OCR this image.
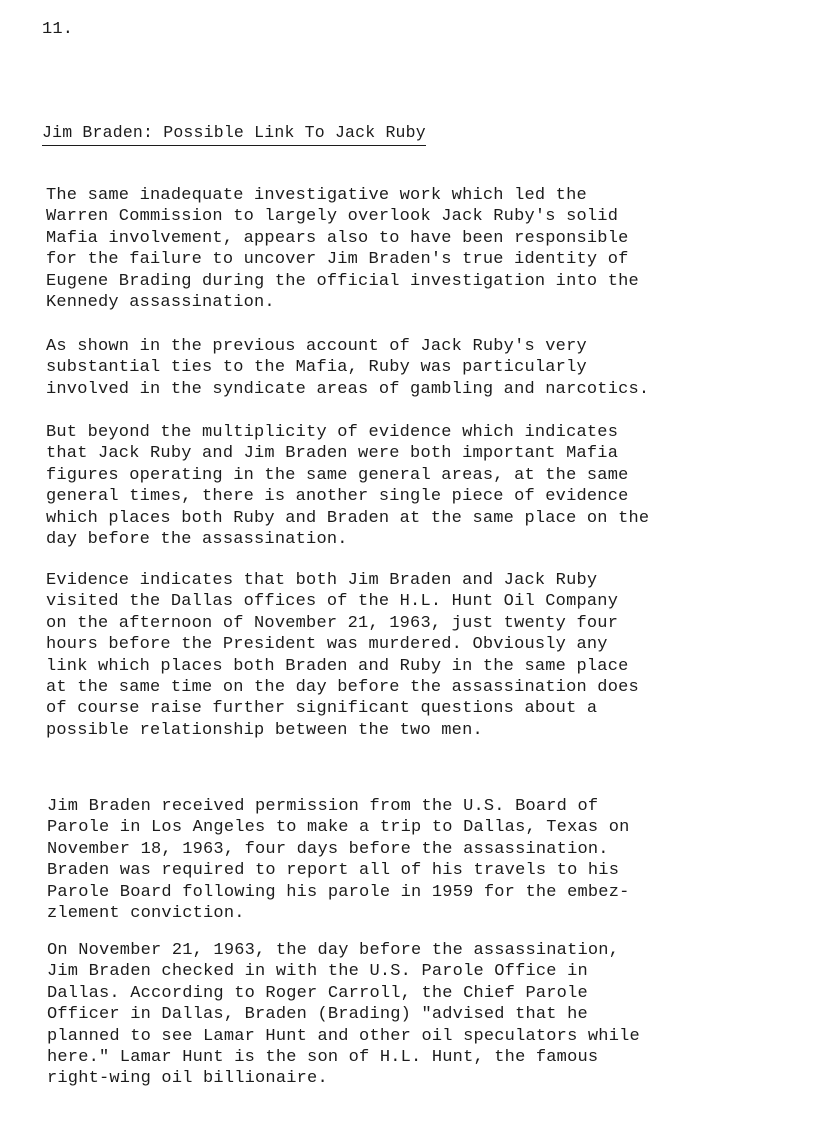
11.

Jim Braden: Possible Link To Jack Ruby
The same inadequate investigative work which led the
Warren Commission to largely overlook Jack Ruby's solid
Mafia involvement, appears also to have been responsible
for the failure to uncover Jim Braden's true identity of
Eugene Brading during the official investigation into the
Kennedy assassination.
As shown in the previous account of Jack Ruby's very
substantial ties to the Mafia, Ruby was particularly
involved in the syndicate areas of gambling and narcotics.
But beyond the multiplicity of evidence which indicates
that Jack Ruby and Jim Braden were both important Mafia
figures operating in the same general areas, at the same
general times, there is another single piece of evidence
which places both Ruby and Braden at the same place on the
day before the assassination.
Evidence indicates that both Jim Braden and Jack Ruby
visited the Dallas offices of the H.L. Hunt Oil Company
on the afternoon of November 21, 1963, just twenty four
hours before the President was murdered. Obviously any
link which places both Braden and Ruby in the same place
at the same time on the day before the assassination does
of course raise further significant questions about a
possible relationship between the two men.
Jim Braden received permission from the U.S. Board of
Parole in Los Angeles to make a trip to Dallas, Texas on
November 18, 1963, four days before the assassination.
Braden was required to report all of his travels to his
Parole Board following his parole in 1959 for the embez-
zlement conviction.
On November 21, 1963, the day before the assassination,
Jim Braden checked in with the U.S. Parole Office in
Dallas. According to Roger Carroll, the Chief Parole
Officer in Dallas, Braden (Brading) "advised that he
planned to see Lamar Hunt and other oil speculators while
here." Lamar Hunt is the son of H.L. Hunt, the famous
right-wing oil billionaire.
